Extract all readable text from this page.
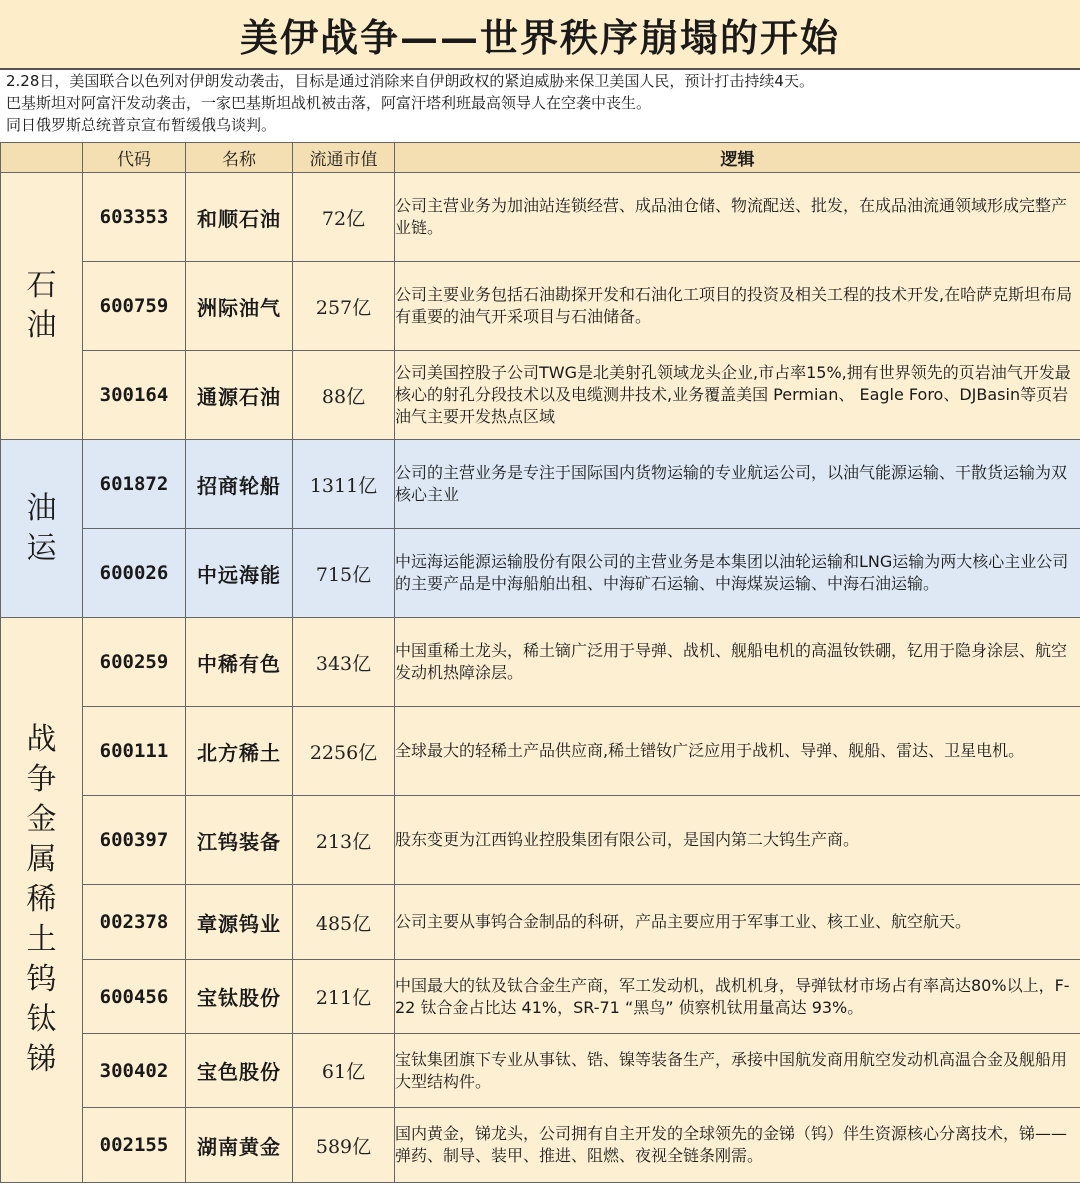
美伊战争——世界秩序崩塌的开始

2.28日，美国联合以色列对伊朗发动袭击，目标是通过消除来自伊朗政权的紧迫威胁来保卫美国人民，预计打击持续4天。

巴基斯坦对阿富汗发动袭击，一家巴基斯坦战机被击落，阿富汗塔利班最高领导人在空袭中丧生。

同日俄罗斯总统普京宣布暂缓俄乌谈判。

	代码	名称	流通市值	逻辑
石油	603353	和顺石油	72亿	公司主营业务为加油站连锁经营、成品油仓储、物流配送、批发，在成品油流通领域形成完整产业链。
	600759	洲际油气	257亿	公司主要业务包括石油勘探开发和石油化工项目的投资及相关工程的技术开发,在哈萨克斯坦布局有重要的油气开采项目与石油储备。
	300164	通源石油	88亿	公司美国控股子公司TWG是北美射孔领域龙头企业,市占率15%,拥有世界领先的页岩油气开发最核心的射孔分段技术以及电缆测井技术,业务覆盖美国 Permian、 Eagle Foro、DJBasin等页岩油气主要开发热点区域
油运	601872	招商轮船	1311亿	公司的主营业务是专注于国际国内货物运输的专业航运公司，以油气能源运输、干散货运输为双核心主业
	600026	中远海能	715亿	中远海运能源运输股份有限公司的主营业务是本集团以油轮运输和LNG运输为两大核心主业公司的主要产品是中海船舶出租、中海矿石运输、中海煤炭运输、中海石油运输。
战争金属稀土钨钛锑	600259	中稀有色	343亿	中国重稀土龙头，稀土镝广泛用于导弹、战机、舰船电机的高温钕铁硼，钇用于隐身涂层、航空发动机热障涂层。
	600111	北方稀土	2256亿	全球最大的轻稀土产品供应商,稀土镨钕广泛应用于战机、导弹、舰船、雷达、卫星电机。
	600397	江钨装备	213亿	股东变更为江西钨业控股集团有限公司，是国内第二大钨生产商。
	002378	章源钨业	485亿	公司主要从事钨合金制品的科研，产品主要应用于军事工业、核工业、航空航天。
	600456	宝钛股份	211亿	中国最大的钛及钛合金生产商，军工发动机，战机机身，导弹钛材市场占有率高达80%以上，F-22 钛合金占比达 41%，SR-71 “黑鸟” 侦察机钛用量高达 93%。
	300402	宝色股份	61亿	宝钛集团旗下专业从事钛、锆、镍等装备生产，承接中国航发商用航空发动机高温合金及舰船用大型结构件。
	002155	湖南黄金	589亿	国内黄金，锑龙头，公司拥有自主开发的全球领先的金锑（钨）伴生资源核心分离技术，锑——弹药、制导、装甲、推进、阻燃、夜视全链条刚需。
